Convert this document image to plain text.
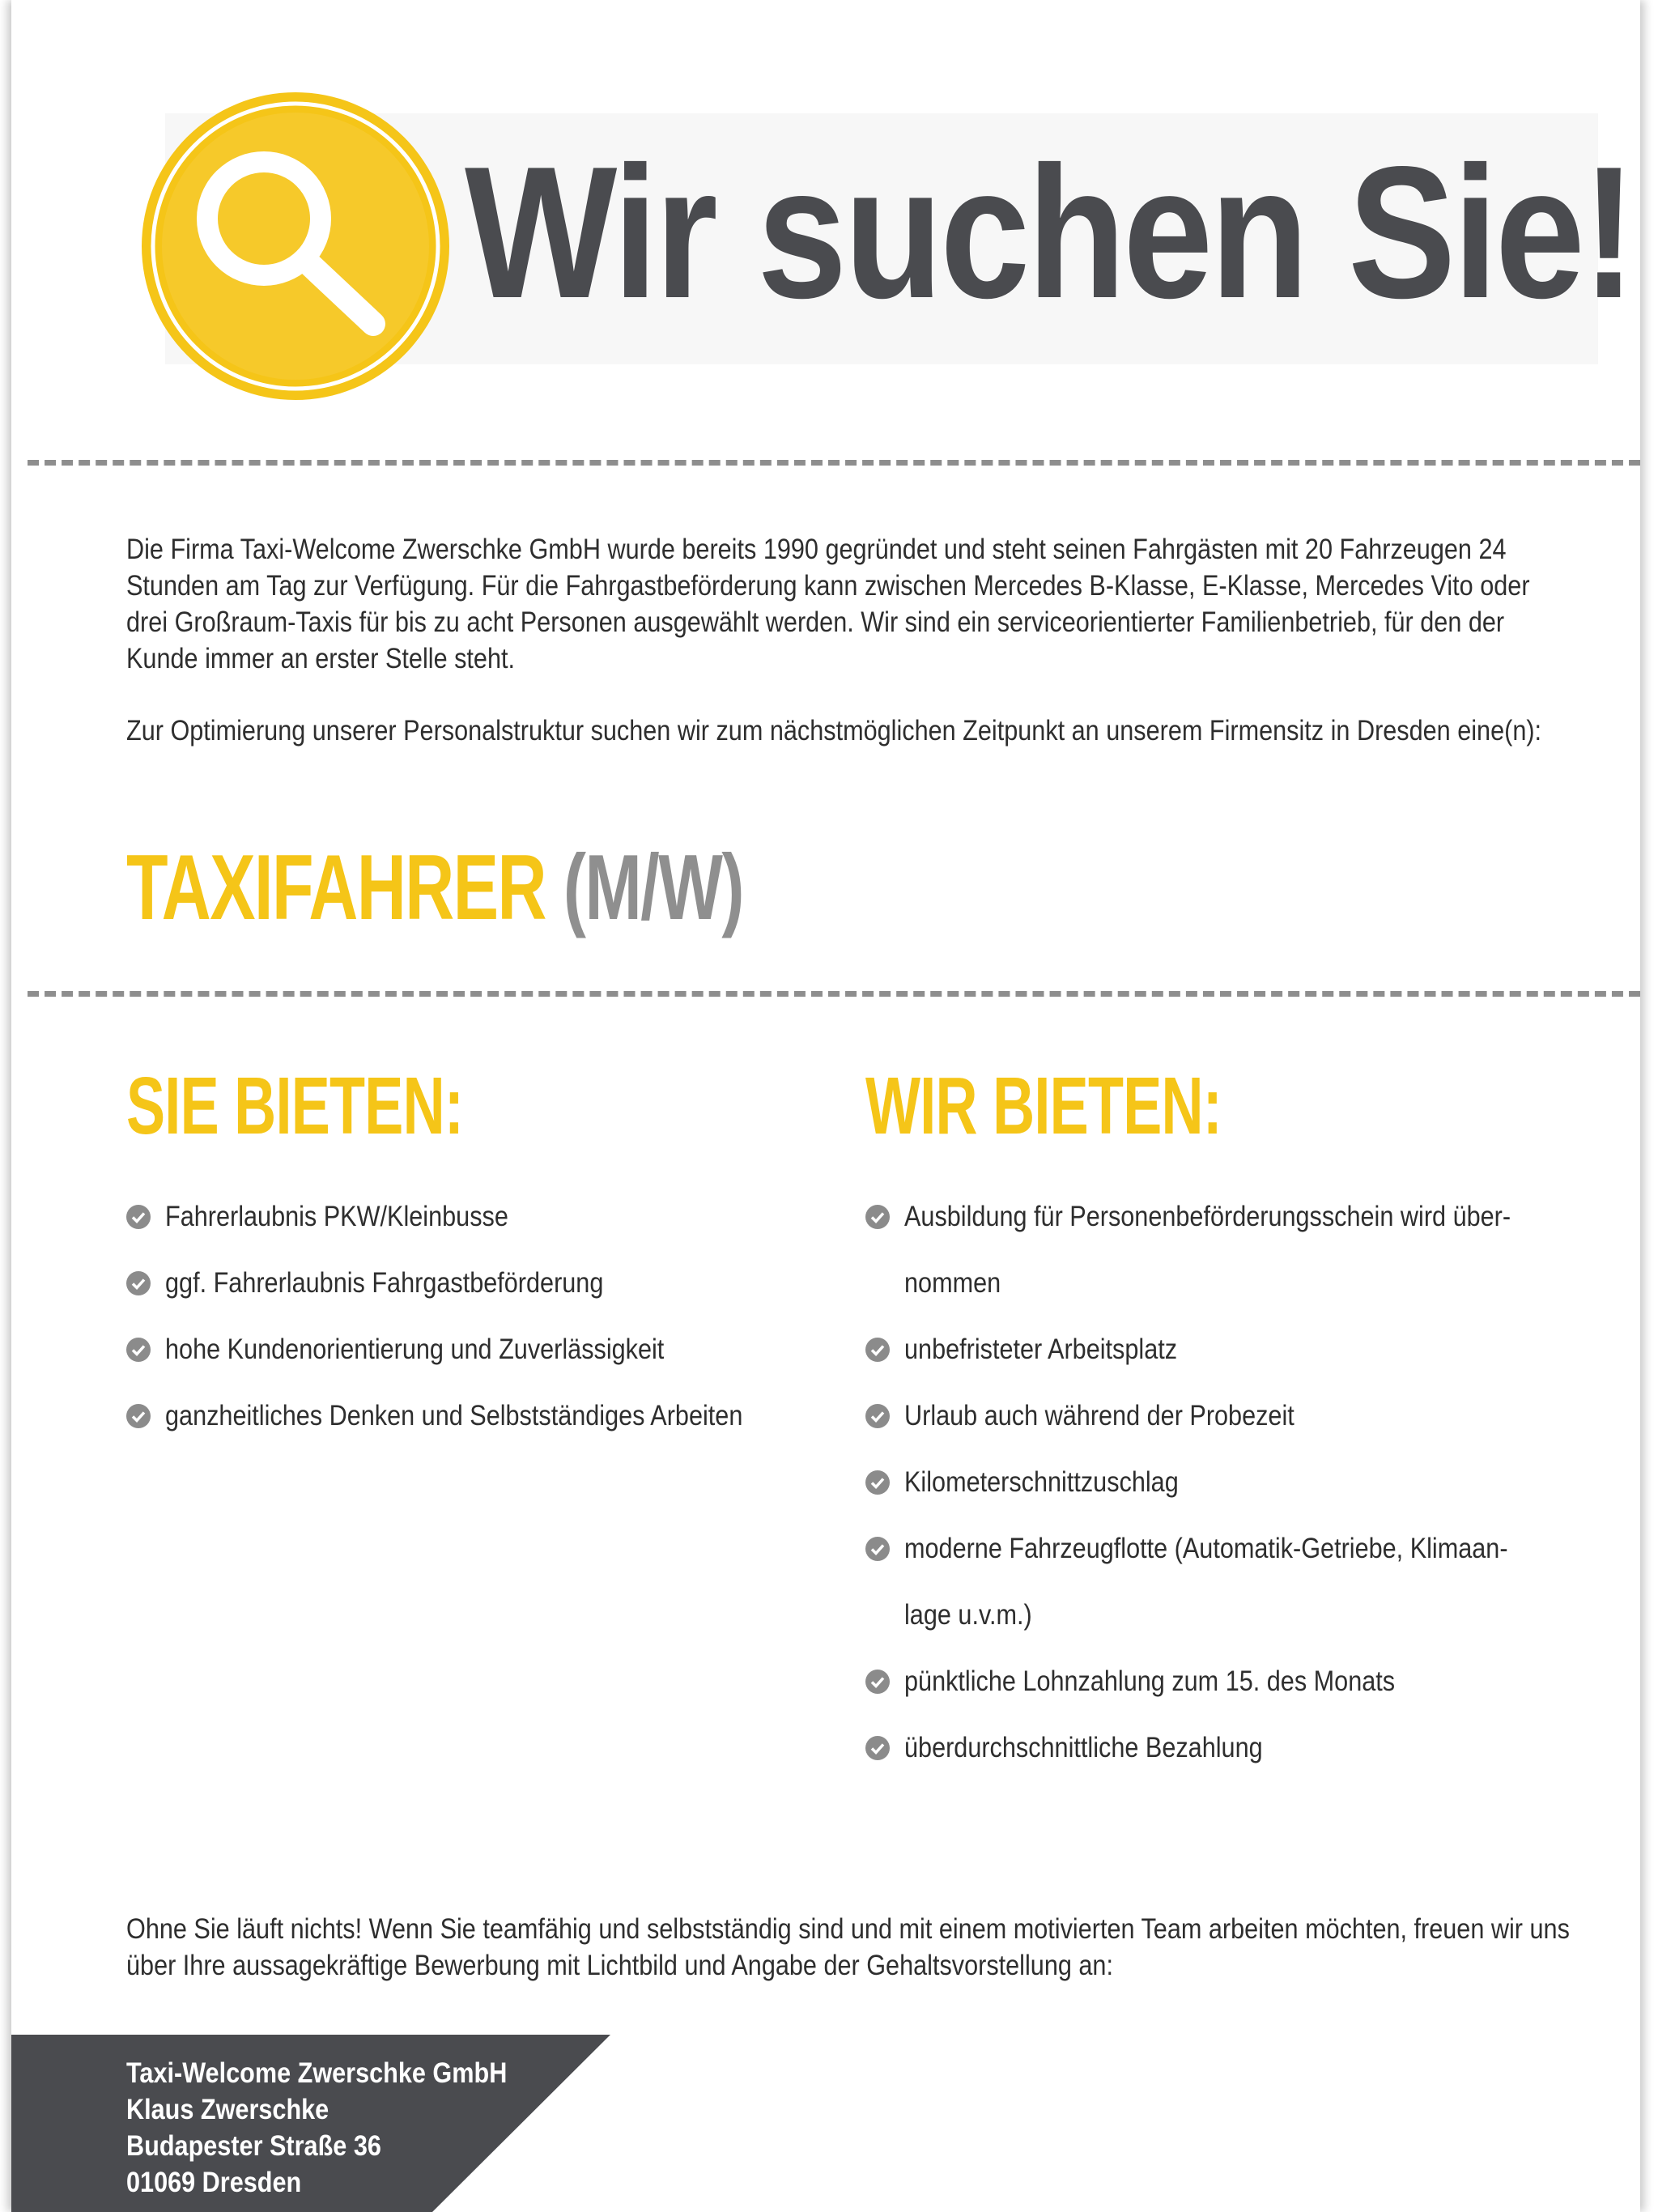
Wir suchen Sie!

Die Firma Taxi-Welcome Zwerschke GmbH wurde bereits 1990 gegründet und steht seinen Fahrgästen mit 20 Fahrzeugen 24 Stunden am Tag zur Verfügung. Für die Fahrgastbeförderung kann zwischen Mercedes B-Klasse, E-Klasse, Mercedes Vito oder drei Großraum-Taxis für bis zu acht Personen ausgewählt werden. Wir sind ein serviceorientierter Familienbetrieb, für den der Kunde immer an erster Stelle steht.

Zur Optimierung unserer Personalstruktur suchen wir zum nächstmöglichen Zeitpunkt an unserem Firmensitz in Dresden eine(n):

TAXIFAHRER (M/W)
SIE BIETEN:	WIR BIETEN:
Fahrerlaubnis PKW/Kleinbusse
ggf. Fahrerlaubnis Fahrgastbeförderung
hohe Kundenorientierung und Zuverlässigkeit
ganzheitliches Denken und Selbstständiges Arbeiten
Ausbildung für Personenbeförderungsschein wird über-
nommen
unbefristeter Arbeitsplatz
Urlaub auch während der Probezeit
Kilometerschnittzuschlag
moderne Fahrzeugflotte (Automatik-Getriebe, Klimaan-
lage u.v.m.)
pünktliche Lohnzahlung zum 15. des Monats
überdurchschnittliche Bezahlung

Ohne Sie läuft nichts! Wenn Sie teamfähig und selbstständig sind und mit einem motivierten Team arbeiten möchten, freuen wir uns über Ihre aussagekräftige Bewerbung mit Lichtbild und Angabe der Gehaltsvorstellung an:

Taxi-Welcome Zwerschke GmbH
Klaus Zwerschke
Budapester Straße 36
01069 Dresden
